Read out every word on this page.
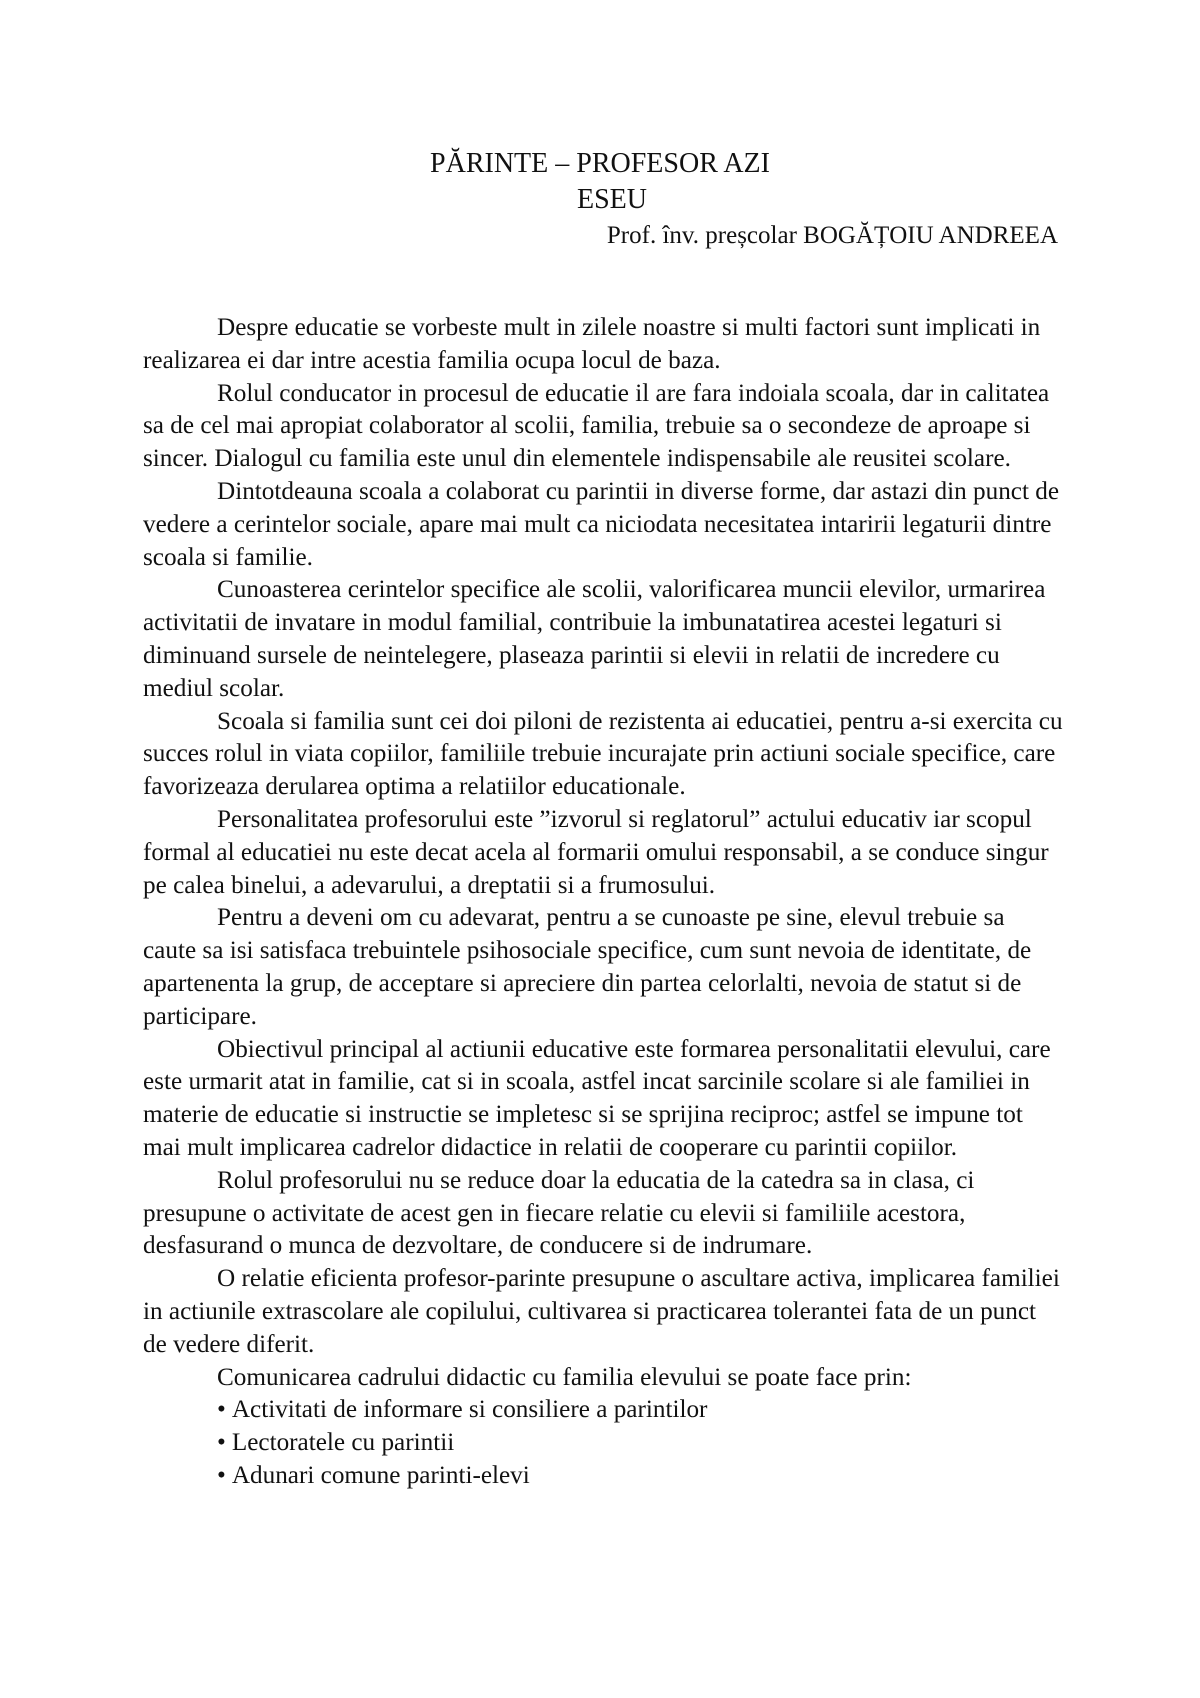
PĂRINTE – PROFESOR AZI
ESEU
Prof. înv. preșcolar BOGĂȚOIU ANDREEA

Despre educatie se vorbeste mult in zilele noastre si multi factori sunt implicati in realizarea ei dar intre acestia familia ocupa locul de baza.

Rolul conducator in procesul de educatie il are fara indoiala scoala, dar in calitatea sa de cel mai apropiat colaborator al scolii, familia, trebuie sa o secondeze de aproape si sincer. Dialogul cu familia este unul din elementele indispensabile ale reusitei scolare.

Dintotdeauna scoala a colaborat cu parintii in diverse forme, dar astazi din punct de vedere a cerintelor sociale, apare mai mult ca niciodata necesitatea intaririi legaturii dintre scoala si familie.

Cunoasterea cerintelor specifice ale scolii, valorificarea muncii elevilor, urmarirea activitatii de invatare in modul familial, contribuie la imbunatatirea acestei legaturi si diminuand sursele de neintelegere, plaseaza parintii si elevii in relatii de incredere cu mediul scolar.

Scoala si familia sunt cei doi piloni de rezistenta ai educatiei, pentru a-si exercita cu succes rolul in viata copiilor, familiile trebuie incurajate prin actiuni sociale specifice, care favorizeaza derularea optima a relatiilor educationale.

Personalitatea profesorului este ”izvorul si reglatorul” actului educativ iar scopul formal al educatiei nu este decat acela al formarii omului responsabil, a se conduce singur pe calea binelui, a adevarului, a dreptatii si a frumosului.

Pentru a deveni om cu adevarat, pentru a se cunoaste pe sine, elevul trebuie sa caute sa isi satisfaca trebuintele psihosociale specifice, cum sunt nevoia de identitate, de apartenenta la grup, de acceptare si apreciere din partea celorlalti, nevoia de statut si de participare.

Obiectivul principal al actiunii educative este formarea personalitatii elevului, care este urmarit atat in familie, cat si in scoala, astfel incat sarcinile scolare si ale familiei in materie de educatie si instructie se impletesc si se sprijina reciproc; astfel se impune tot mai mult implicarea cadrelor didactice in relatii de cooperare cu parintii copiilor.

Rolul profesorului nu se reduce doar la educatia de la catedra sa in clasa, ci presupune o activitate de acest gen in fiecare relatie cu elevii si familiile acestora, desfasurand o munca de dezvoltare, de conducere si de indrumare.

O relatie eficienta profesor-parinte presupune o ascultare activa, implicarea familiei in actiunile extrascolare ale copilului, cultivarea si practicarea tolerantei fata de un punct de vedere diferit.

Comunicarea cadrului didactic cu familia elevului se poate face prin:

• Activitati de informare si consiliere a parintilor
• Lectoratele cu parintii
• Adunari comune parinti-elevi
